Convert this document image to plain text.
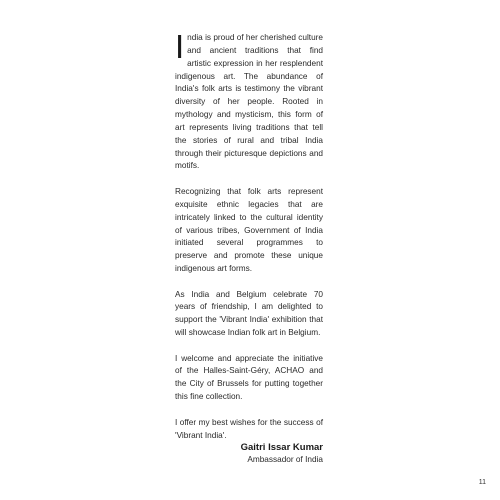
India is proud of her cherished culture and ancient traditions that find artistic expression in her resplendent indigenous art. The abundance of India's folk arts is testimony the vibrant diversity of her people. Rooted in mythology and mysticism, this form of art represents living traditions that tell the stories of rural and tribal India through their picturesque depictions and motifs.

Recognizing that folk arts represent exquisite ethnic legacies that are intricately linked to the cultural identity of various tribes, Government of India initiated several programmes to preserve and promote these unique indigenous art forms.

As India and Belgium celebrate 70 years of friendship, I am delighted to support the 'Vibrant India' exhibition that will showcase Indian folk art in Belgium.

I welcome and appreciate the initiative of the Halles-Saint-Géry, ACHAO and the City of Brussels for putting together this fine collection.

I offer my best wishes for the success of 'Vibrant India'.

Gaitri Issar Kumar

Ambassador of India

11
